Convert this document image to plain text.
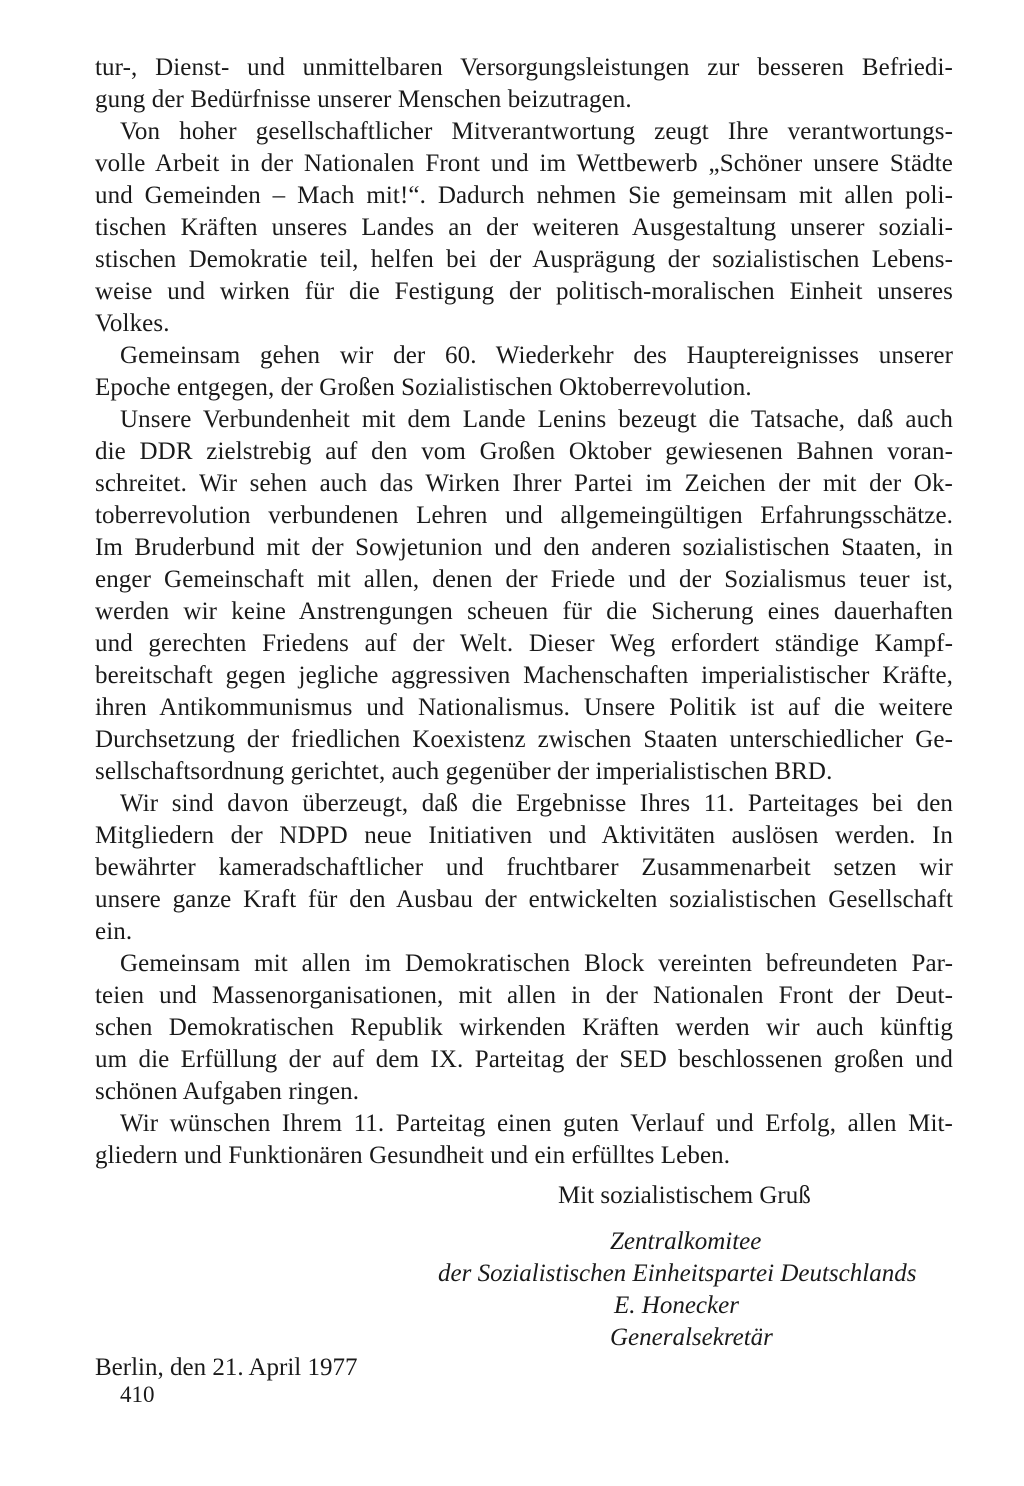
tur-, Dienst- und unmittelbaren Versorgungsleistungen zur besseren Befriedi-
gung der Bedürfnisse unserer Menschen beizutragen.
Von hoher gesellschaftlicher Mitverantwortung zeugt Ihre verantwortungs-
volle Arbeit in der Nationalen Front und im Wettbewerb „Schöner unsere Städte
und Gemeinden – Mach mit!“. Dadurch nehmen Sie gemeinsam mit allen poli-
tischen Kräften unseres Landes an der weiteren Ausgestaltung unserer soziali-
stischen Demokratie teil, helfen bei der Ausprägung der sozialistischen Lebens-
weise und wirken für die Festigung der politisch-moralischen Einheit unseres
Volkes.
Gemeinsam gehen wir der 60. Wiederkehr des Hauptereignisses unserer
Epoche entgegen, der Großen Sozialistischen Oktoberrevolution.
Unsere Verbundenheit mit dem Lande Lenins bezeugt die Tatsache, daß auch
die DDR zielstrebig auf den vom Großen Oktober gewiesenen Bahnen voran-
schreitet. Wir sehen auch das Wirken Ihrer Partei im Zeichen der mit der Ok-
toberrevolution verbundenen Lehren und allgemeingültigen Erfahrungsschätze.
Im Bruderbund mit der Sowjetunion und den anderen sozialistischen Staaten, in
enger Gemeinschaft mit allen, denen der Friede und der Sozialismus teuer ist,
werden wir keine Anstrengungen scheuen für die Sicherung eines dauerhaften
und gerechten Friedens auf der Welt. Dieser Weg erfordert ständige Kampf-
bereitschaft gegen jegliche aggressiven Machenschaften imperialistischer Kräfte,
ihren Antikommunismus und Nationalismus. Unsere Politik ist auf die weitere
Durchsetzung der friedlichen Koexistenz zwischen Staaten unterschiedlicher Ge-
sellschaftsordnung gerichtet, auch gegenüber der imperialistischen BRD.
Wir sind davon überzeugt, daß die Ergebnisse Ihres 11. Parteitages bei den
Mitgliedern der NDPD neue Initiativen und Aktivitäten auslösen werden. In
bewährter kameradschaftlicher und fruchtbarer Zusammenarbeit setzen wir
unsere ganze Kraft für den Ausbau der entwickelten sozialistischen Gesellschaft
ein.
Gemeinsam mit allen im Demokratischen Block vereinten befreundeten Par-
teien und Massenorganisationen, mit allen in der Nationalen Front der Deut-
schen Demokratischen Republik wirkenden Kräften werden wir auch künftig
um die Erfüllung der auf dem IX. Parteitag der SED beschlossenen großen und
schönen Aufgaben ringen.
Wir wünschen Ihrem 11. Parteitag einen guten Verlauf und Erfolg, allen Mit-
gliedern und Funktionären Gesundheit und ein erfülltes Leben.
Mit sozialistischem Gruß
Zentralkomitee
der Sozialistischen Einheitspartei Deutschlands
E. Honecker
Generalsekretär
Berlin, den 21. April 1977
410
